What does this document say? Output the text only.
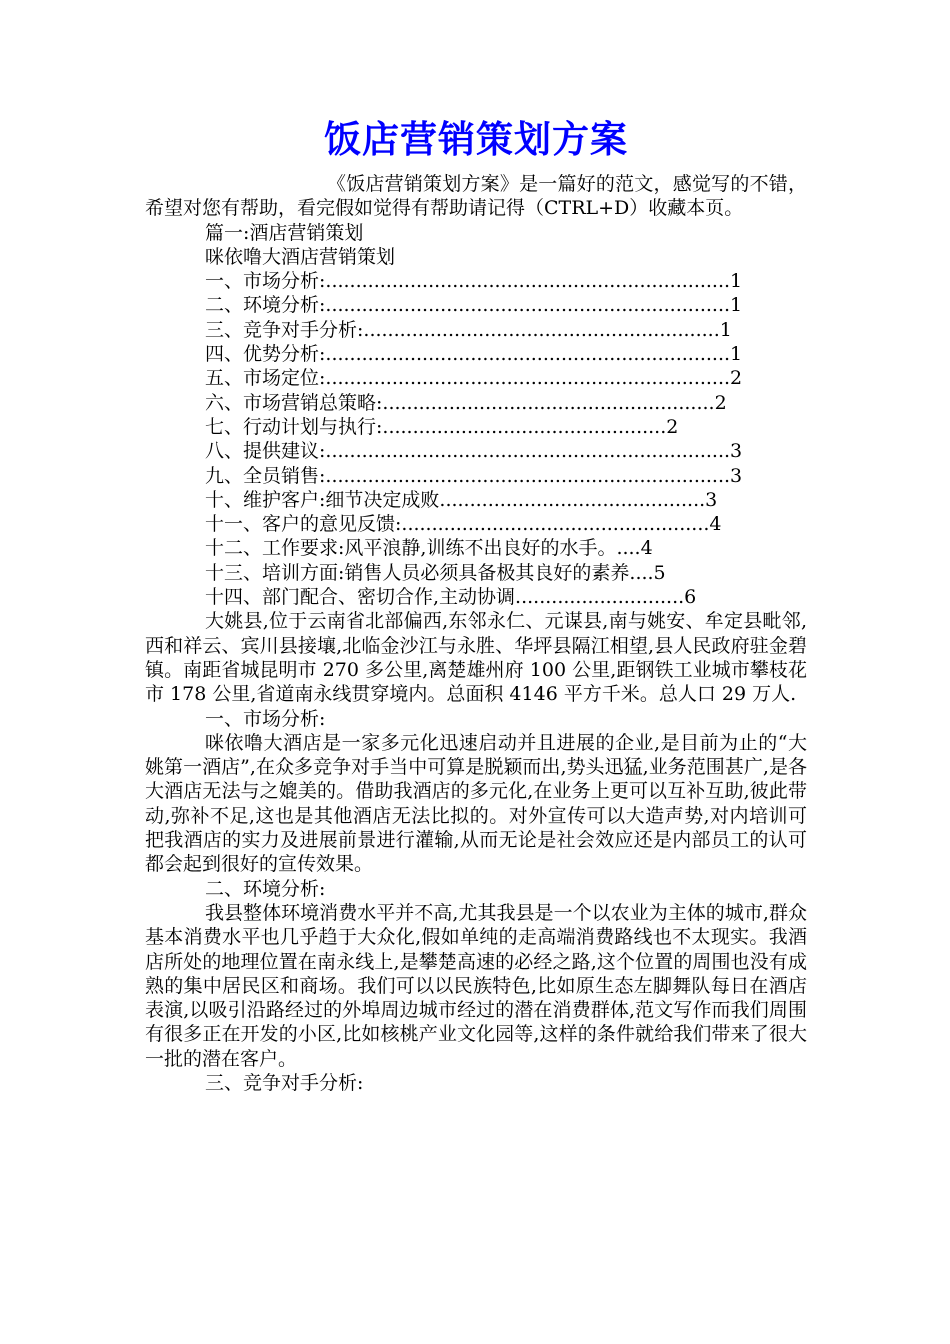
饭店营销策划方案

《饭店营销策划方案》是一篇好的范文，感觉写的不错，希望对您有帮助，看完假如觉得有帮助请记得（CTRL+D）收藏本页。

篇一:酒店营销策划

咪依噜大酒店营销策划

一、市场分析:...................................................................1
二、环境分析:...................................................................1
三、竞争对手分析:...........................................................1
四、优势分析:...................................................................1
五、市场定位:...................................................................2
六、市场营销总策略:.......................................................2
七、行动计划与执行:...............................................2
八、提供建议:...................................................................3
九、全员销售:...................................................................3
十、维护客户:细节决定成败............................................3
十一、客户的意见反馈:...................................................4
十二、工作要求:风平浪静,训练不出良好的水手。....4
十三、培训方面:销售人员必须具备极其良好的素养....5
十四、部门配合、密切合作,主动协调............................6

大姚县,位于云南省北部偏西,东邻永仁、元谋县,南与姚安、牟定县毗邻,西和祥云、宾川县接壤,北临金沙江与永胜、华坪县隔江相望,县人民政府驻金碧镇。南距省城昆明市 270 多公里,离楚雄州府 100 公里,距钢铁工业城市攀枝花市 178 公里,省道南永线贯穿境内。总面积 4146 平方千米。总人口 29 万人.

一、市场分析:

咪依噜大酒店是一家多元化迅速启动并且进展的企业,是目前为止的“大姚第一酒店”,在众多竞争对手当中可算是脱颖而出,势头迅猛,业务范围甚广,是各大酒店无法与之媲美的。借助我酒店的多元化,在业务上更可以互补互助,彼此带动,弥补不足,这也是其他酒店无法比拟的。对外宣传可以大造声势,对内培训可把我酒店的实力及进展前景进行灌输,从而无论是社会效应还是内部员工的认可都会起到很好的宣传效果。

二、环境分析:

我县整体环境消费水平并不高,尤其我县是一个以农业为主体的城市,群众基本消费水平也几乎趋于大众化,假如单纯的走高端消费路线也不太现实。我酒店所处的地理位置在南永线上,是攀楚高速的必经之路,这个位置的周围也没有成熟的集中居民区和商场。我们可以以民族特色,比如原生态左脚舞队每日在酒店表演,以吸引沿路经过的外埠周边城市经过的潜在消费群体,范文写作而我们周围有很多正在开发的小区,比如核桃产业文化园等,这样的条件就给我们带来了很大一批的潜在客户。

三、竞争对手分析:
